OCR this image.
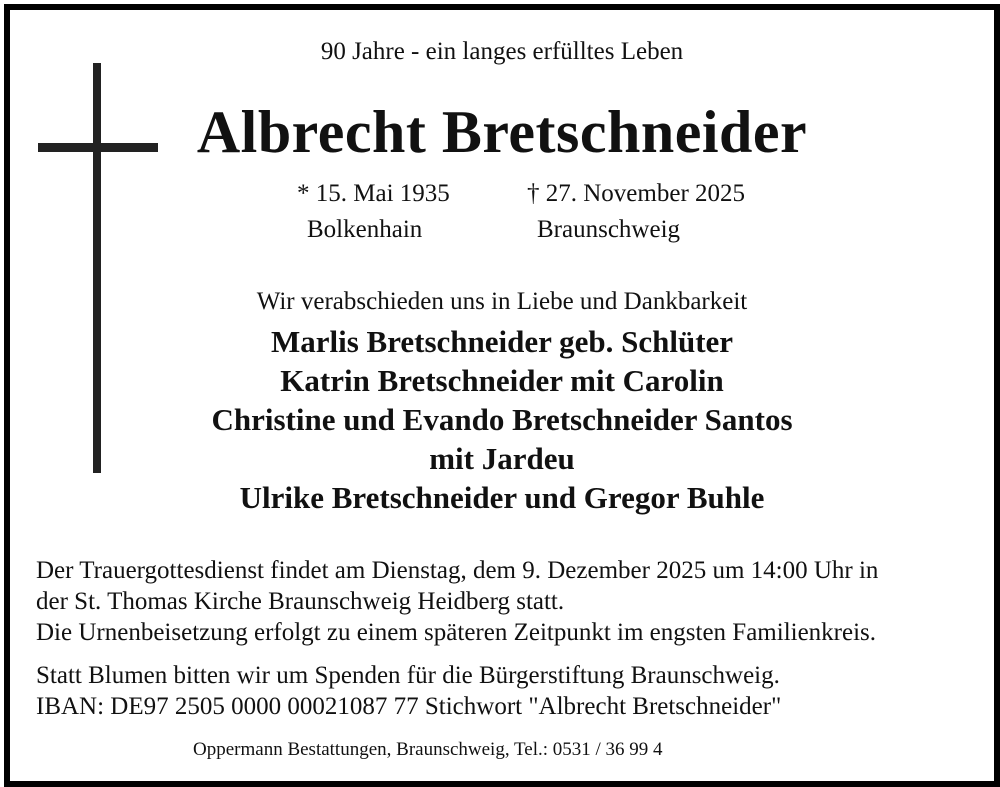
90 Jahre - ein langes erfülltes Leben
Albrecht Bretschneider
* 15. Mai 1935	† 27. November 2025
Bolkenhain	Braunschweig
Wir verabschieden uns in Liebe und Dankbarkeit
Marlis Bretschneider geb. Schlüter
Katrin Bretschneider mit Carolin
Christine und Evando Bretschneider Santos
mit Jardeu
Ulrike Bretschneider und Gregor Buhle
Der Trauergottesdienst findet am Dienstag, dem 9. Dezember 2025 um 14:00 Uhr in
der St. Thomas Kirche Braunschweig Heidberg statt.
Die Urnenbeisetzung erfolgt zu einem späteren Zeitpunkt im engsten Familienkreis.
Statt Blumen bitten wir um Spenden für die Bürgerstiftung Braunschweig.
IBAN: DE97 2505 0000 00021087 77 Stichwort "Albrecht Bretschneider"
Oppermann Bestattungen, Braunschweig, Tel.: 0531 / 36 99 4
